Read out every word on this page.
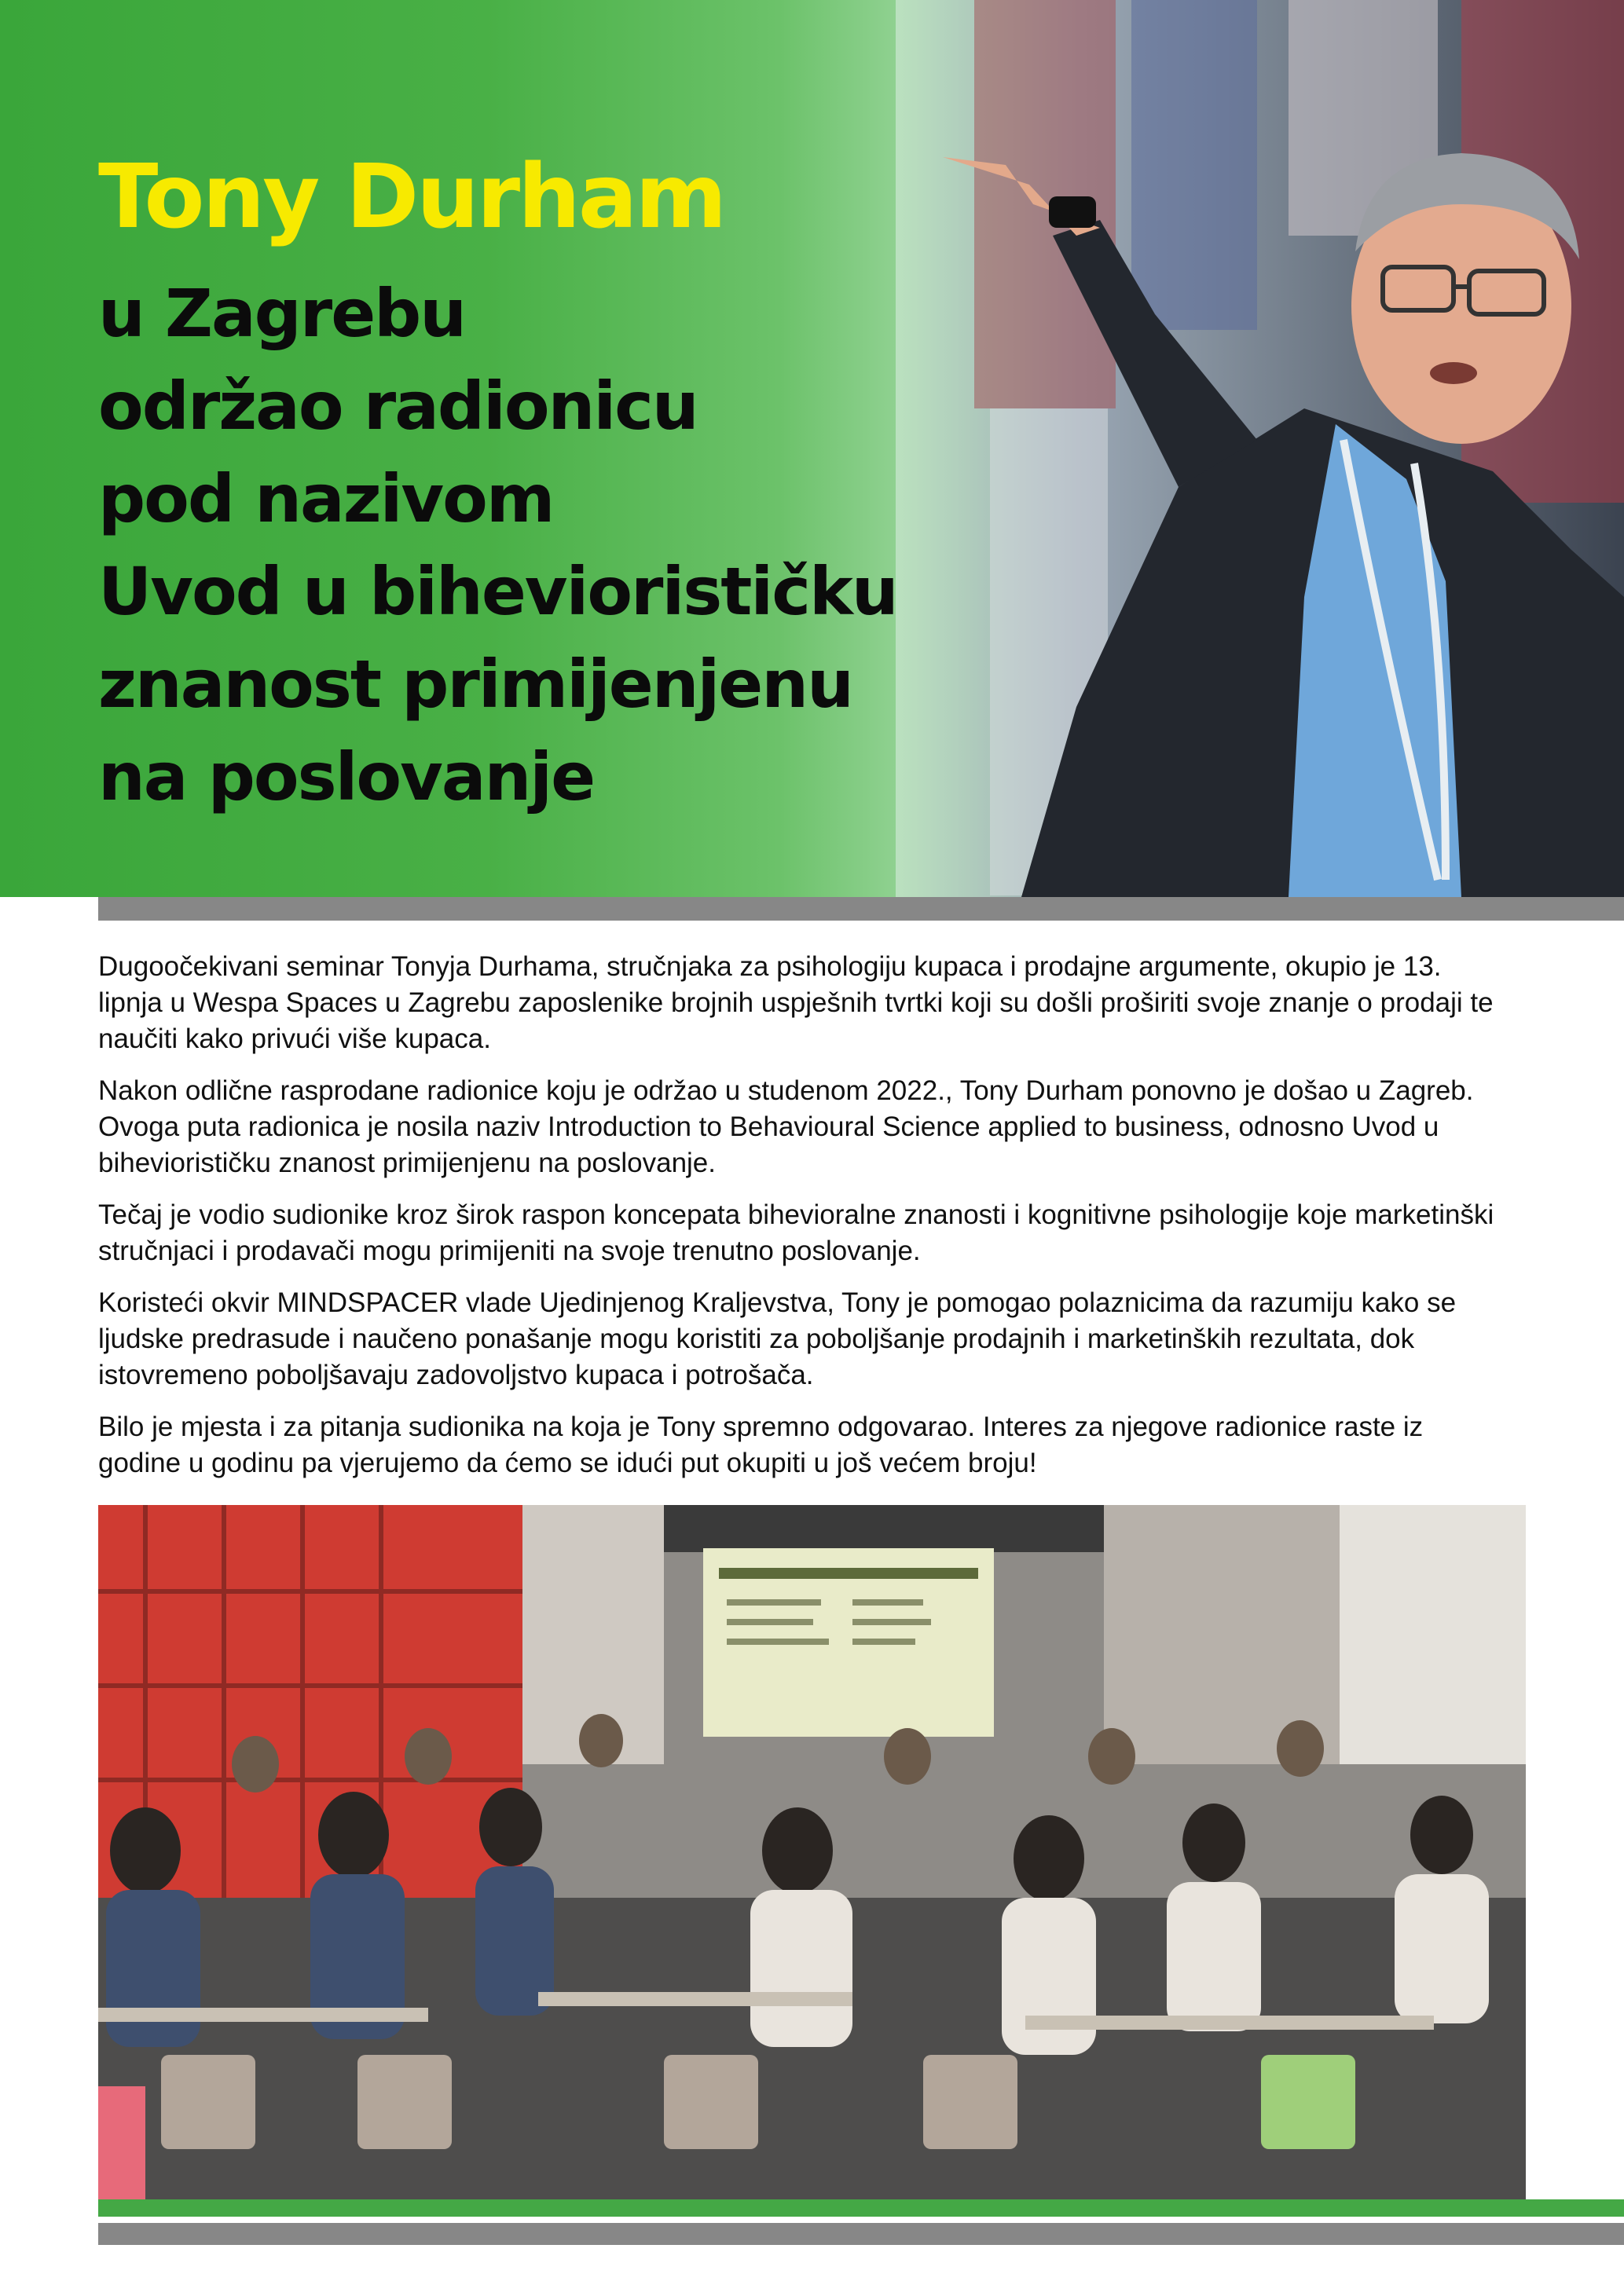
Tony Durham
u Zagrebu
održao radionicu
pod nazivom
Uvod u biheviorističku
znanost primijenjenu
na poslovanje

Dugoočekivani seminar Tonyja Durhama, stručnjaka za psihologiju kupaca i prodajne argumente, okupio je 13. lipnja u Wespa Spaces u Zagrebu zaposlenike brojnih uspješnih tvrtki koji su došli proširiti svoje znanje o prodaji te naučiti kako privući više kupaca.

Nakon odlične rasprodane radionice koju je održao u studenom 2022., Tony Durham ponovno je došao u Zagreb. Ovoga puta radionica je nosila naziv Introduction to Behavioural Science applied to business, odnosno Uvod u biheviorističku znanost primijenjenu na poslovanje.

Tečaj je vodio sudionike kroz širok raspon koncepata bihevioralne znanosti i kognitivne psihologije koje marketinški stručnjaci i prodavači mogu primijeniti na svoje trenutno poslovanje.

Koristeći okvir MINDSPACER vlade Ujedinjenog Kraljevstva, Tony je pomogao polaznicima da razumiju kako se ljudske predrasude i naučeno ponašanje mogu koristiti za poboljšanje prodajnih i marketinških rezultata, dok istovremeno poboljšavaju zadovoljstvo kupaca i potrošača.

Bilo je mjesta i za pitanja sudionika na koja je Tony spremno odgovarao. Interes za njegove radionice raste iz godine u godinu pa vjerujemo da ćemo se idući put okupiti u još većem broju!
